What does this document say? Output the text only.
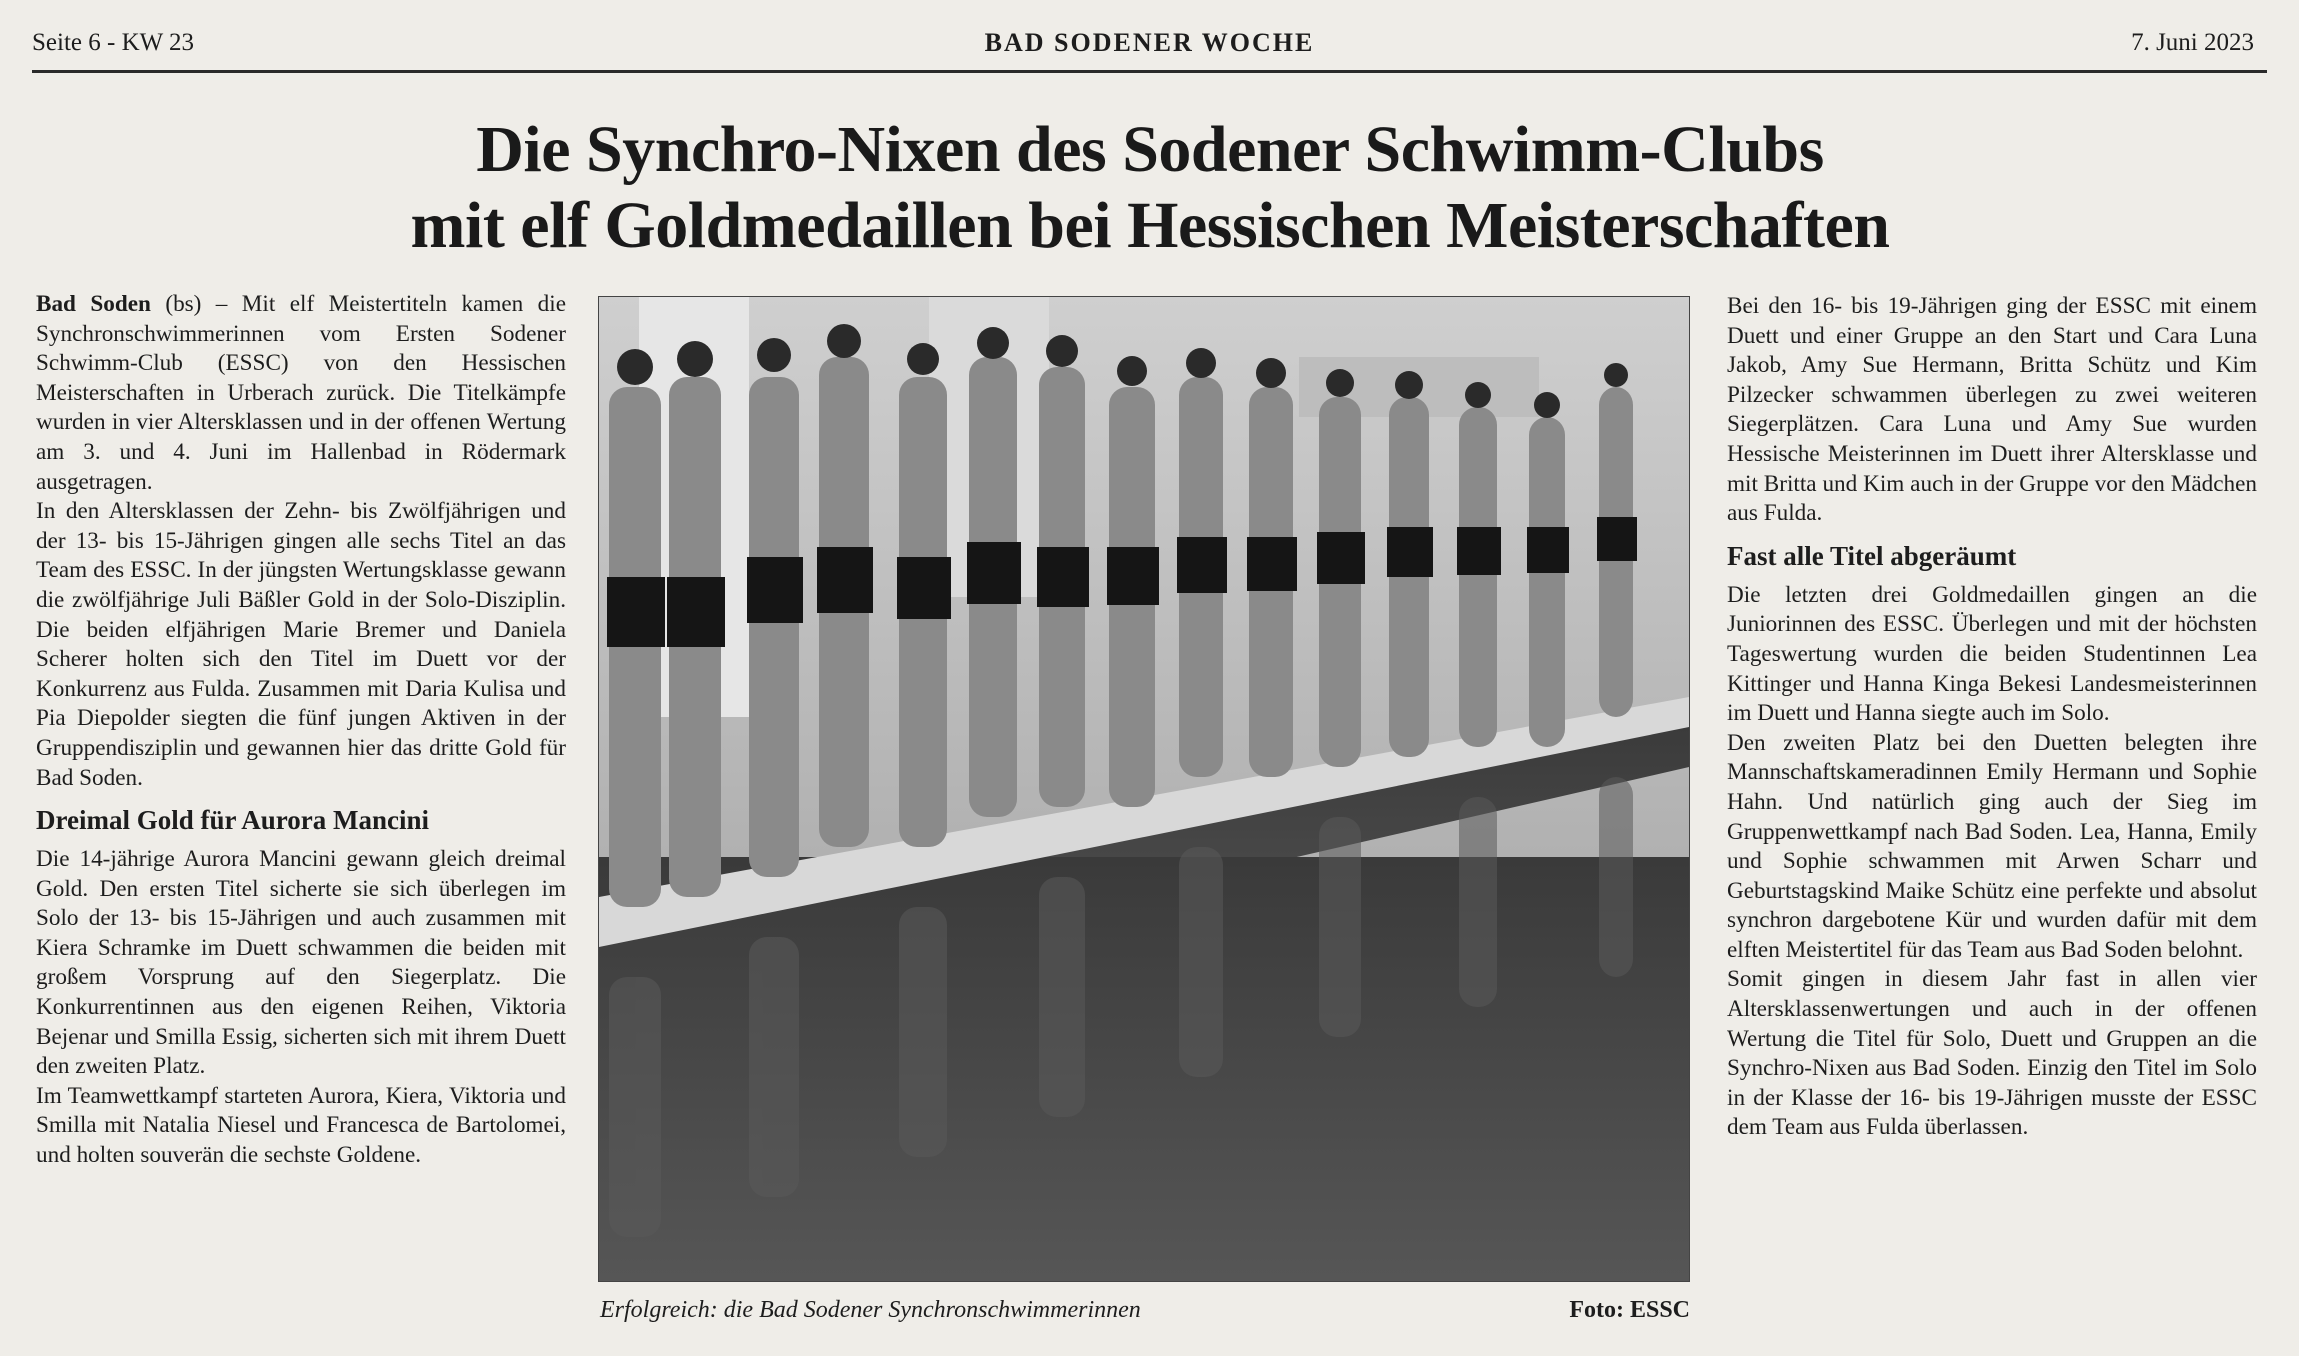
Seite 6 - KW 23	BAD SODENER WOCHE	7. Juni 2023
Die Synchro-Nixen des Sodener Schwimm-Clubs
mit elf Goldmedaillen bei Hessischen Meisterschaften

Bad Soden (bs) – Mit elf Meistertiteln kamen die Synchronschwimmerinnen vom Ersten Sodener Schwimm-Club (ESSC) von den Hessischen Meisterschaften in Urberach zurück. Die Titelkämpfe wurden in vier Altersklassen und in der offenen Wertung am 3. und 4. Juni im Hallenbad in Rödermark ausgetragen.

In den Altersklassen der Zehn- bis Zwölfjährigen und der 13- bis 15-Jährigen gingen alle sechs Titel an das Team des ESSC. In der jüngsten Wertungsklasse gewann die zwölfjährige Juli Bäßler Gold in der Solo-Disziplin. Die beiden elfjährigen Marie Bremer und Daniela Scherer holten sich den Titel im Duett vor der Konkurrenz aus Fulda. Zusammen mit Daria Kulisa und Pia Diepolder siegten die fünf jungen Aktiven in der Gruppendisziplin und gewannen hier das dritte Gold für Bad Soden.

Dreimal Gold für Aurora Mancini

Die 14-jährige Aurora Mancini gewann gleich dreimal Gold. Den ersten Titel sicherte sie sich überlegen im Solo der 13- bis 15-Jährigen und auch zusammen mit Kiera Schramke im Duett schwammen die beiden mit großem Vorsprung auf den Siegerplatz. Die Konkurrentinnen aus den eigenen Reihen, Viktoria Bejenar und Smilla Essig, sicherten sich mit ihrem Duett den zweiten Platz.

Im Teamwettkampf starteten Aurora, Kiera, Viktoria und Smilla mit Natalia Niesel und Francesca de Bartolomei, und holten souverän die sechste Goldene.

Erfolgreich: die Bad Sodener Synchronschwimmerinnen	Foto: ESSC

Bei den 16- bis 19-Jährigen ging der ESSC mit einem Duett und einer Gruppe an den Start und Cara Luna Jakob, Amy Sue Hermann, Britta Schütz und Kim Pilzecker schwammen überlegen zu zwei weiteren Siegerplätzen. Cara Luna und Amy Sue wurden Hessische Meisterinnen im Duett ihrer Altersklasse und mit Britta und Kim auch in der Gruppe vor den Mädchen aus Fulda.

Fast alle Titel abgeräumt

Die letzten drei Goldmedaillen gingen an die Juniorinnen des ESSC. Überlegen und mit der höchsten Tageswertung wurden die beiden Studentinnen Lea Kittinger und Hanna Kinga Bekesi Landesmeisterinnen im Duett und Hanna siegte auch im Solo.

Den zweiten Platz bei den Duetten belegten ihre Mannschaftskameradinnen Emily Hermann und Sophie Hahn. Und natürlich ging auch der Sieg im Gruppenwettkampf nach Bad Soden. Lea, Hanna, Emily und Sophie schwammen mit Arwen Scharr und Geburtstagskind Maike Schütz eine perfekte und absolut synchron dargebotene Kür und wurden dafür mit dem elften Meistertitel für das Team aus Bad Soden belohnt.

Somit gingen in diesem Jahr fast in allen vier Altersklassenwertungen und auch in der offenen Wertung die Titel für Solo, Duett und Gruppen an die Synchro-Nixen aus Bad Soden. Einzig den Titel im Solo in der Klasse der 16- bis 19-Jährigen musste der ESSC dem Team aus Fulda überlassen.
